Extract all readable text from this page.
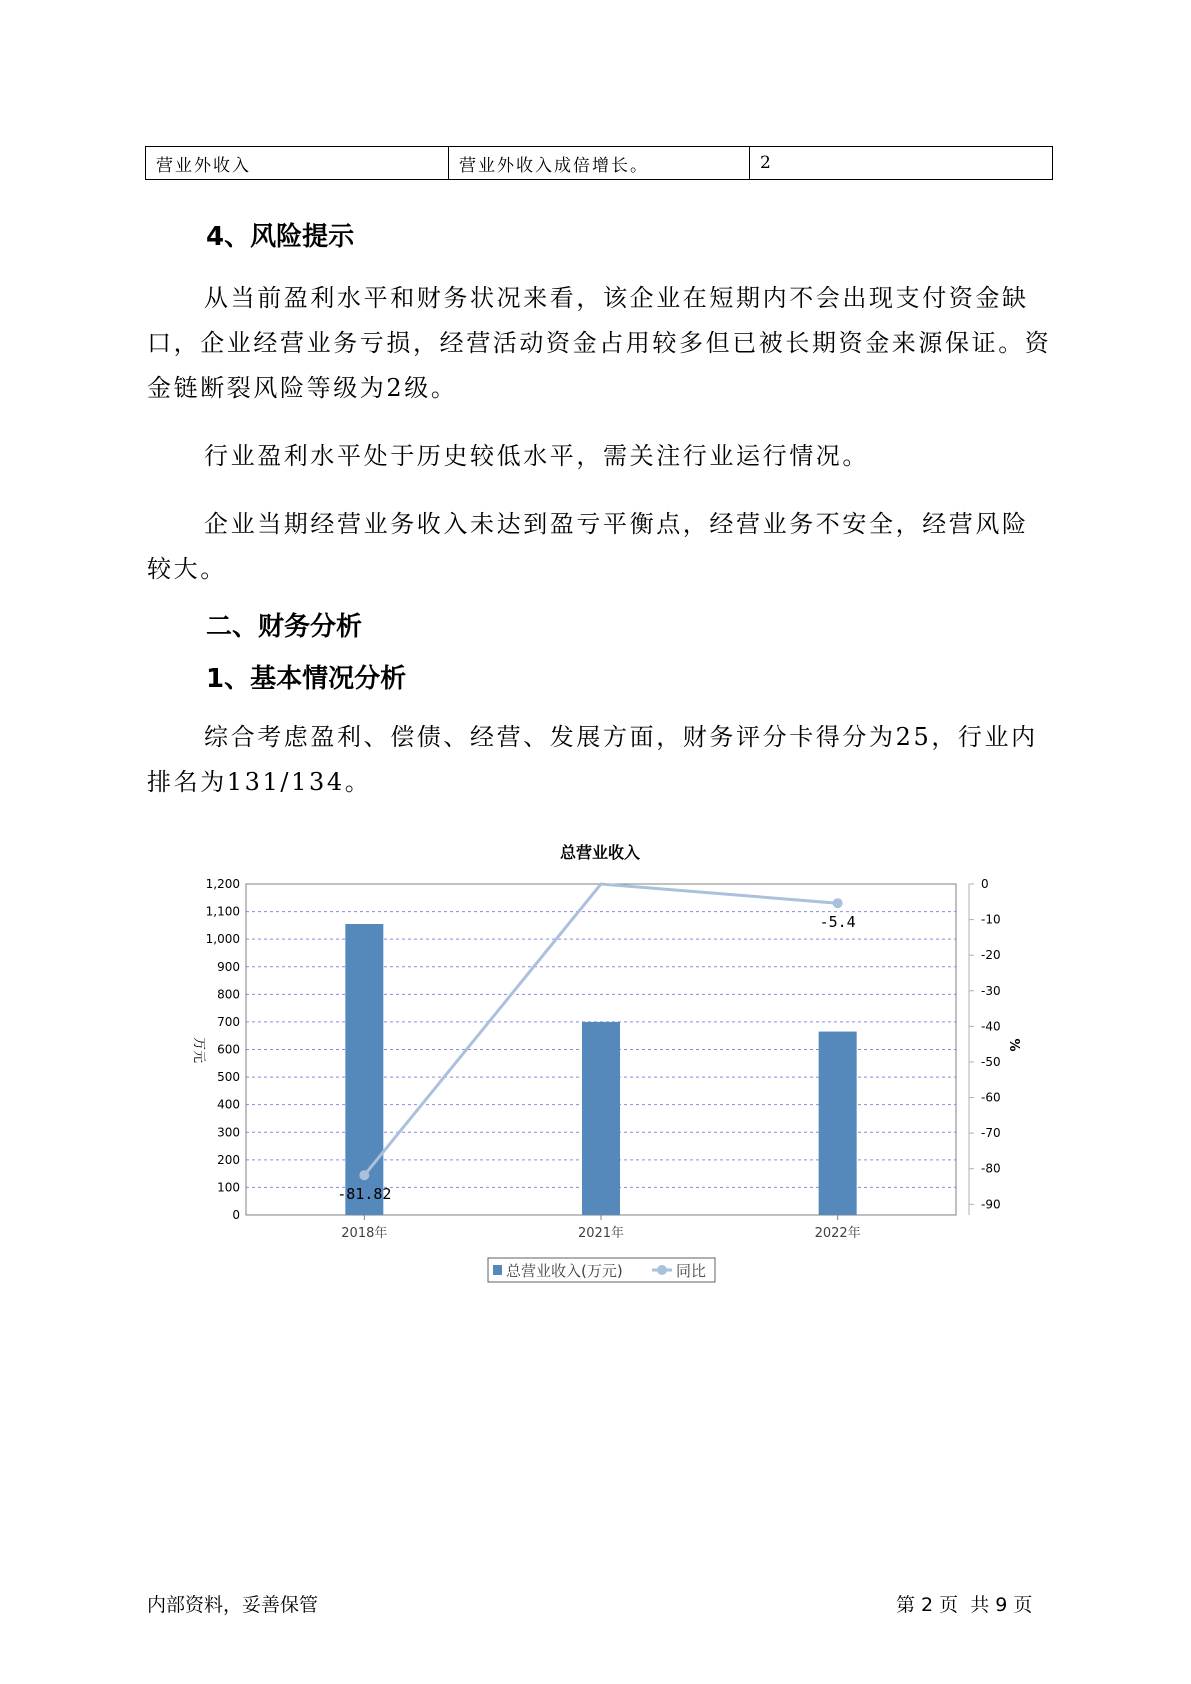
营业外收入	营业外收入成倍增长。	2
4、风险提示
从当前盈利水平和财务状况来看，该企业在短期内不会出现支付资金缺口，企业经营业务亏损，经营活动资金占用较多但已被长期资金来源保证。资金链断裂风险等级为2级。
行业盈利水平处于历史较低水平，需关注行业运行情况。
企业当期经营业务收入未达到盈亏平衡点，经营业务不安全，经营风险较大。
二、财务分析
1、基本情况分析
综合考虑盈利、偿债、经营、发展方面，财务评分卡得分为25，行业内排名为131/134。
总营业收入
0
100
200
300
400
500
600
700
800
900
1,000
1,100
1,200	0
-10
-20
-30
-40
-50
-60
-70
-80
-90
2018年	2021年	2022年
-81.82
-5.4
万元	%
总营业收入(万元)	同比
内部资料，妥善保管	第 2 页  共 9 页
